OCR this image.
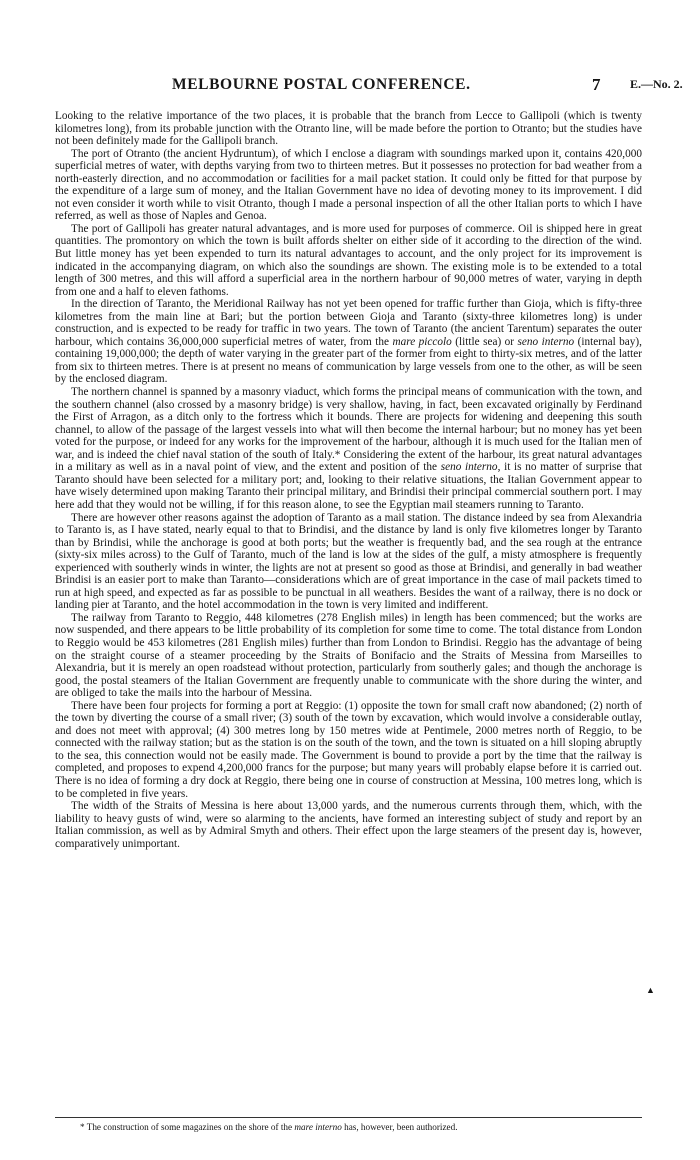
MELBOURNE POSTAL CONFERENCE.	7 E.—No. 2.

Looking to the relative importance of the two places, it is probable that the branch from Lecce to Gallipoli (which is twenty kilometres long), from its probable junction with the Otranto line, will be made before the portion to Otranto; but the studies have not been definitely made for the Gallipoli branch.

The port of Otranto (the ancient Hydruntum), of which I enclose a diagram with soundings marked upon it, contains 420,000 superficial metres of water, with depths varying from two to thirteen metres. But it possesses no protection for bad weather from a north-easterly direction, and no accommodation or facilities for a mail packet station. It could only be fitted for that purpose by the expenditure of a large sum of money, and the Italian Government have no idea of devoting money to its improvement. I did not even consider it worth while to visit Otranto, though I made a personal inspection of all the other Italian ports to which I have referred, as well as those of Naples and Genoa.

The port of Gallipoli has greater natural advantages, and is more used for purposes of commerce. Oil is shipped here in great quantities. The promontory on which the town is built affords shelter on either side of it according to the direction of the wind. But little money has yet been expended to turn its natural advantages to account, and the only project for its improvement is indicated in the accompanying diagram, on which also the soundings are shown. The existing mole is to be extended to a total length of 300 metres, and this will afford a superficial area in the northern harbour of 90,000 metres of water, varying in depth from one and a half to eleven fathoms.

In the direction of Taranto, the Meridional Railway has not yet been opened for traffic further than Gioja, which is fifty-three kilometres from the main line at Bari; but the portion between Gioja and Taranto (sixty-three kilometres long) is under construction, and is expected to be ready for traffic in two years. The town of Taranto (the ancient Tarentum) separates the outer harbour, which contains 36,000,000 superficial metres of water, from the mare piccolo (little sea) or seno interno (internal bay), containing 19,000,000; the depth of water varying in the greater part of the former from eight to thirty-six metres, and of the latter from six to thirteen metres. There is at present no means of communication by large vessels from one to the other, as will be seen by the enclosed diagram.

The northern channel is spanned by a masonry viaduct, which forms the principal means of communication with the town, and the southern channel (also crossed by a masonry bridge) is very shallow, having, in fact, been excavated originally by Ferdinand the First of Arragon, as a ditch only to the fortress which it bounds. There are projects for widening and deepening this south channel, to allow of the passage of the largest vessels into what will then become the internal harbour; but no money has yet been voted for the purpose, or indeed for any works for the improvement of the harbour, although it is much used for the Italian men of war, and is indeed the chief naval station of the south of Italy.* Considering the extent of the harbour, its great natural advantages in a military as well as in a naval point of view, and the extent and position of the seno interno, it is no matter of surprise that Taranto should have been selected for a military port; and, looking to their relative situations, the Italian Government appear to have wisely determined upon making Taranto their principal military, and Brindisi their principal commercial southern port. I may here add that they would not be willing, if for this reason alone, to see the Egyptian mail steamers running to Taranto.

There are however other reasons against the adoption of Taranto as a mail station. The distance indeed by sea from Alexandria to Taranto is, as I have stated, nearly equal to that to Brindisi, and the distance by land is only five kilometres longer by Taranto than by Brindisi, while the anchorage is good at both ports; but the weather is frequently bad, and the sea rough at the entrance (sixty-six miles across) to the Gulf of Taranto, much of the land is low at the sides of the gulf, a misty atmosphere is frequently experienced with southerly winds in winter, the lights are not at present so good as those at Brindisi, and generally in bad weather Brindisi is an easier port to make than Taranto—considerations which are of great importance in the case of mail packets timed to run at high speed, and expected as far as possible to be punctual in all weathers. Besides the want of a railway, there is no dock or landing pier at Taranto, and the hotel accommodation in the town is very limited and indifferent.

The railway from Taranto to Reggio, 448 kilometres (278 English miles) in length has been commenced; but the works are now suspended, and there appears to be little probability of its completion for some time to come. The total distance from London to Reggio would be 453 kilometres (281 English miles) further than from London to Brindisi. Reggio has the advantage of being on the straight course of a steamer proceeding by the Straits of Bonifacio and the Straits of Messina from Marseilles to Alexandria, but it is merely an open roadstead without protection, particularly from southerly gales; and though the anchorage is good, the postal steamers of the Italian Government are frequently unable to communicate with the shore during the winter, and are obliged to take the mails into the harbour of Messina.

There have been four projects for forming a port at Reggio: (1) opposite the town for small craft now abandoned; (2) north of the town by diverting the course of a small river; (3) south of the town by excavation, which would involve a considerable outlay, and does not meet with approval; (4) 300 metres long by 150 metres wide at Pentimele, 2000 metres north of Reggio, to be connected with the railway station; but as the station is on the south of the town, and the town is situated on a hill sloping abruptly to the sea, this connection would not be easily made. The Government is bound to provide a port by the time that the railway is completed, and proposes to expend 4,200,000 francs for the purpose; but many years will probably elapse before it is carried out. There is no idea of forming a dry dock at Reggio, there being one in course of construction at Messina, 100 metres long, which is to be completed in five years.

The width of the Straits of Messina is here about 13,000 yards, and the numerous currents through them, which, with the liability to heavy gusts of wind, were so alarming to the ancients, have formed an interesting subject of study and report by an Italian commission, as well as by Admiral Smyth and others. Their effect upon the large steamers of the present day is, however, comparatively unimportant.

▲
* The construction of some magazines on the shore of the mare interno has, however, been authorized.
